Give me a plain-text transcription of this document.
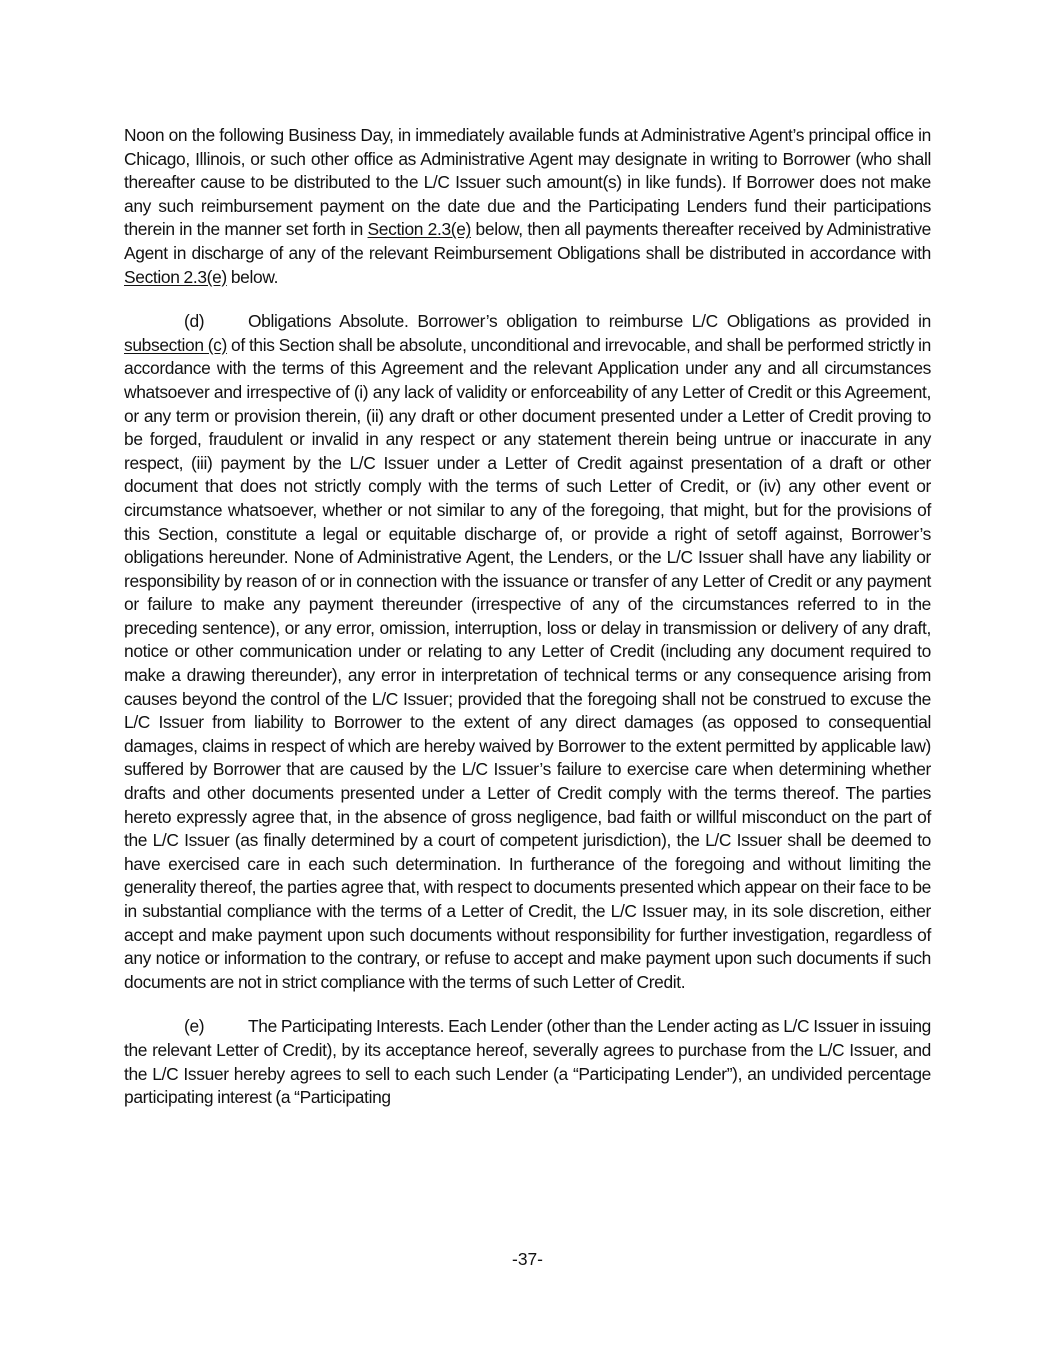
Noon on the following Business Day, in immediately available funds at Administrative Agent’s principal office in Chicago, Illinois, or such other office as Administrative Agent may designate in writing to Borrower (who shall thereafter cause to be distributed to the L/C Issuer such amount(s) in like funds). If Borrower does not make any such reimbursement payment on the date due and the Participating Lenders fund their participations therein in the manner set forth in Section 2.3(e) below, then all payments thereafter received by Administrative Agent in discharge of any of the relevant Reimbursement Obligations shall be distributed in accordance with Section 2.3(e) below.

(d)	Obligations Absolute. Borrower’s obligation to reimburse L/C Obligations as provided in subsection (c) of this Section shall be absolute, unconditional and irrevocable, and shall be performed strictly in accordance with the terms of this Agreement and the relevant Application under any and all circumstances whatsoever and irrespective of (i) any lack of validity or enforceability of any Letter of Credit or this Agreement, or any term or provision therein, (ii) any draft or other document presented under a Letter of Credit proving to be forged, fraudulent or invalid in any respect or any statement therein being untrue or inaccurate in any respect, (iii) payment by the L/C Issuer under a Letter of Credit against presentation of a draft or other document that does not strictly comply with the terms of such Letter of Credit, or (iv) any other event or circumstance whatsoever, whether or not similar to any of the foregoing, that might, but for the provisions of this Section, constitute a legal or equitable discharge of, or provide a right of setoff against, Borrower’s obligations hereunder. None of Administrative Agent, the Lenders, or the L/C Issuer shall have any liability or responsibility by reason of or in connection with the issuance or transfer of any Letter of Credit or any payment or failure to make any payment thereunder (irrespective of any of the circumstances referred to in the preceding sentence), or any error, omission, interruption, loss or delay in transmission or delivery of any draft, notice or other communication under or relating to any Letter of Credit (including any document required to make a drawing thereunder), any error in interpretation of technical terms or any consequence arising from causes beyond the control of the L/C Issuer; provided that the foregoing shall not be construed to excuse the L/C Issuer from liability to Borrower to the extent of any direct damages (as opposed to consequential damages, claims in respect of which are hereby waived by Borrower to the extent permitted by applicable law) suffered by Borrower that are caused by the L/C Issuer’s failure to exercise care when determining whether drafts and other documents presented under a Letter of Credit comply with the terms thereof. The parties hereto expressly agree that, in the absence of gross negligence, bad faith or willful misconduct on the part of the L/C Issuer (as finally determined by a court of competent jurisdiction), the L/C Issuer shall be deemed to have exercised care in each such determination. In furtherance of the foregoing and without limiting the generality thereof, the parties agree that, with respect to documents presented which appear on their face to be in substantial compliance with the terms of a Letter of Credit, the L/C Issuer may, in its sole discretion, either accept and make payment upon such documents without responsibility for further investigation, regardless of any notice or information to the contrary, or refuse to accept and make payment upon such documents if such documents are not in strict compliance with the terms of such Letter of Credit.

(e)	The Participating Interests. Each Lender (other than the Lender acting as L/C Issuer in issuing the relevant Letter of Credit), by its acceptance hereof, severally agrees to purchase from the L/C Issuer, and the L/C Issuer hereby agrees to sell to each such Lender (a “Participating Lender”), an undivided percentage participating interest (a “Participating

-37-
